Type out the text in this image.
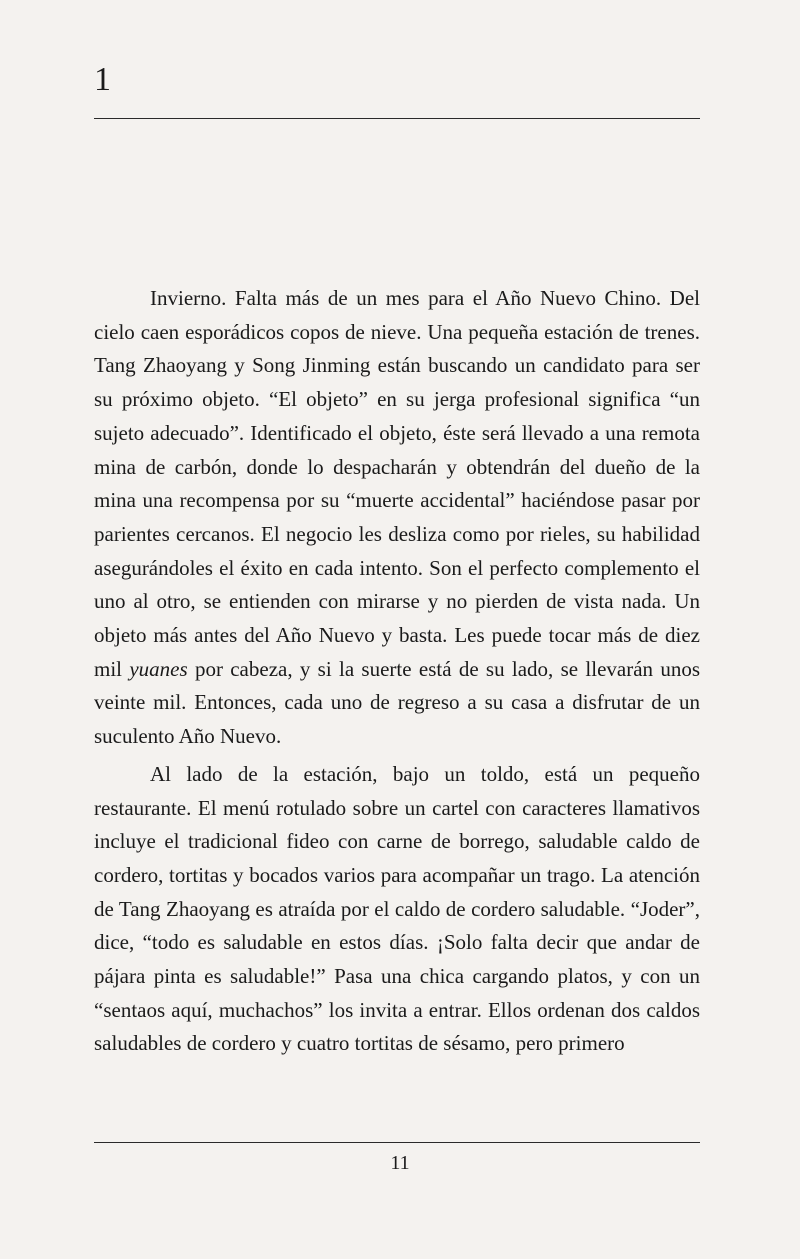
1

Invierno. Falta más de un mes para el Año Nuevo Chino. Del cielo caen esporádicos copos de nieve. Una pequeña estación de trenes. Tang Zhaoyang y Song Jinming están buscando un candidato para ser su próximo objeto. “El objeto” en su jerga profesional significa “un sujeto adecuado”. Identificado el objeto, éste será llevado a una remota mina de carbón, donde lo despacharán y obtendrán del dueño de la mina una recompensa por su “muerte accidental” haciéndose pasar por parientes cercanos. El negocio les desliza como por rieles, su habilidad asegurándoles el éxito en cada intento. Son el perfecto complemento el uno al otro, se entienden con mirarse y no pierden de vista nada. Un objeto más antes del Año Nuevo y basta. Les puede tocar más de diez mil yuanes por cabeza, y si la suerte está de su lado, se llevarán unos veinte mil. Entonces, cada uno de regreso a su casa a disfrutar de un suculento Año Nuevo.

Al lado de la estación, bajo un toldo, está un pequeño restaurante. El menú rotulado sobre un cartel con caracteres llamativos incluye el tradicional fideo con carne de borrego, saludable caldo de cordero, tortitas y bocados varios para acompañar un trago. La atención de Tang Zhaoyang es atraída por el caldo de cordero saludable. “Joder”, dice, “todo es saludable en estos días. ¡Solo falta decir que andar de pájara pinta es saludable!” Pasa una chica cargando platos, y con un “sentaos aquí, muchachos” los invita a entrar. Ellos ordenan dos caldos saludables de cordero y cuatro tortitas de sésamo, pero primero

11
